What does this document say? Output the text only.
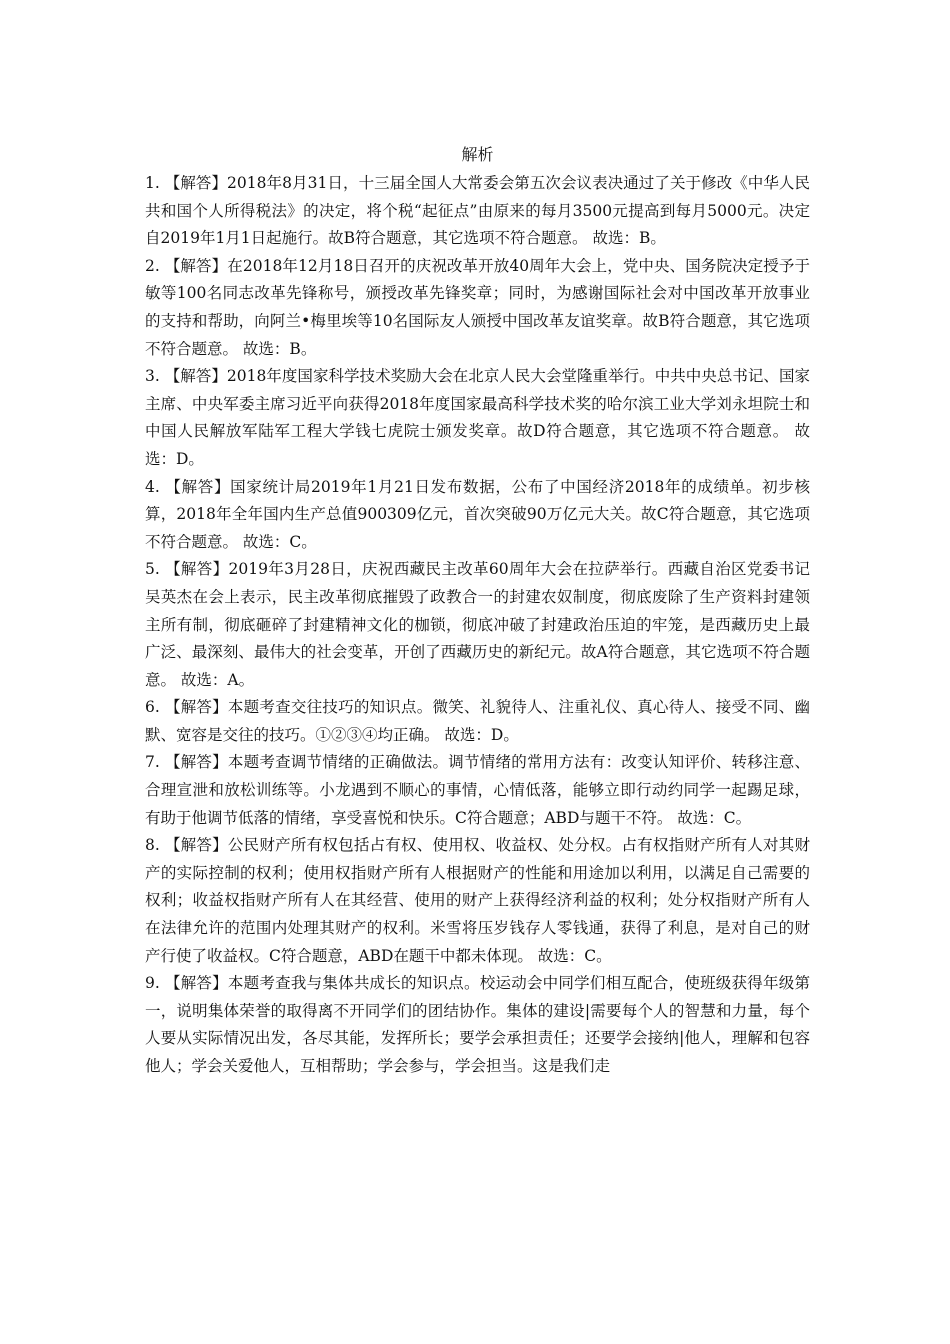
解析

1. 【解答】2018年8月31日，十三届全国人大常委会第五次会议表决通过了关于修改《中华人民共和国个人所得税法》的决定，将个税“起征点”由原来的每月3500元提高到每月5000元。决定自2019年1月1日起施行。故B符合题意，其它选项不符合题意。 故选：B。

2. 【解答】在2018年12月18日召开的庆祝改革开放40周年大会上，党中央、国务院决定授予于敏等100名同志改革先锋称号，颁授改革先锋奖章；同时，为感谢国际社会对中国改革开放事业的支持和帮助，向阿兰•梅里埃等10名国际友人颁授中国改革友谊奖章。故B符合题意，其它选项不符合题意。 故选：B。

3. 【解答】2018年度国家科学技术奖励大会在北京人民大会堂隆重举行。中共中央总书记、国家主席、中央军委主席习近平向获得2018年度国家最高科学技术奖的哈尔滨工业大学刘永坦院士和中国人民解放军陆军工程大学钱七虎院士颁发奖章。故D符合题意，其它选项不符合题意。 故选：D。

4. 【解答】国家统计局2019年1月21日发布数据，公布了中国经济2018年的成绩单。初步核算，2018年全年国内生产总值900309亿元，首次突破90万亿元大关。故C符合题意，其它选项不符合题意。 故选：C。

5. 【解答】2019年3月28日，庆祝西藏民主改革60周年大会在拉萨举行。西藏自治区党委书记吴英杰在会上表示，民主改革彻底摧毁了政教合一的封建农奴制度，彻底废除了生产资料封建领主所有制，彻底砸碎了封建精神文化的枷锁，彻底冲破了封建政治压迫的牢笼，是西藏历史上最广泛、最深刻、最伟大的社会变革，开创了西藏历史的新纪元。故A符合题意，其它选项不符合题意。 故选：A。

6. 【解答】本题考查交往技巧的知识点。微笑、礼貌待人、注重礼仪、真心待人、接受不同、幽默、宽容是交往的技巧。①②③④均正确。 故选：D。

7. 【解答】本题考查调节情绪的正确做法。调节情绪的常用方法有：改变认知评价、转移注意、合理宣泄和放松训练等。小龙遇到不顺心的事情，心情低落，能够立即行动约同学一起踢足球，有助于他调节低落的情绪，享受喜悦和快乐。C符合题意；ABD与题干不符。 故选：C。

8. 【解答】公民财产所有权包括占有权、使用权、收益权、处分权。占有权指财产所有人对其财产的实际控制的权利；使用权指财产所有人根据财产的性能和用途加以利用，以满足自己需要的权利；收益权指财产所有人在其经营、使用的财产上获得经济利益的权利；处分权指财产所有人在法律允许的范围内处理其财产的权利。米雪将压岁钱存人零钱通，获得了利息，是对自己的财产行使了收益权。C符合题意，ABD在题干中都未体现。 故选：C。

9. 【解答】本题考查我与集体共成长的知识点。校运动会中同学们相互配合，使班级获得年级第一，说明集体荣誉的取得离不开同学们的团结协作。集体的建设|需要每个人的智慧和力量，每个人要从实际情况出发，各尽其能，发挥所长；要学会承担责任；还要学会接纳|他人，理解和包容他人；学会关爱他人，互相帮助；学会参与，学会担当。这是我们走
